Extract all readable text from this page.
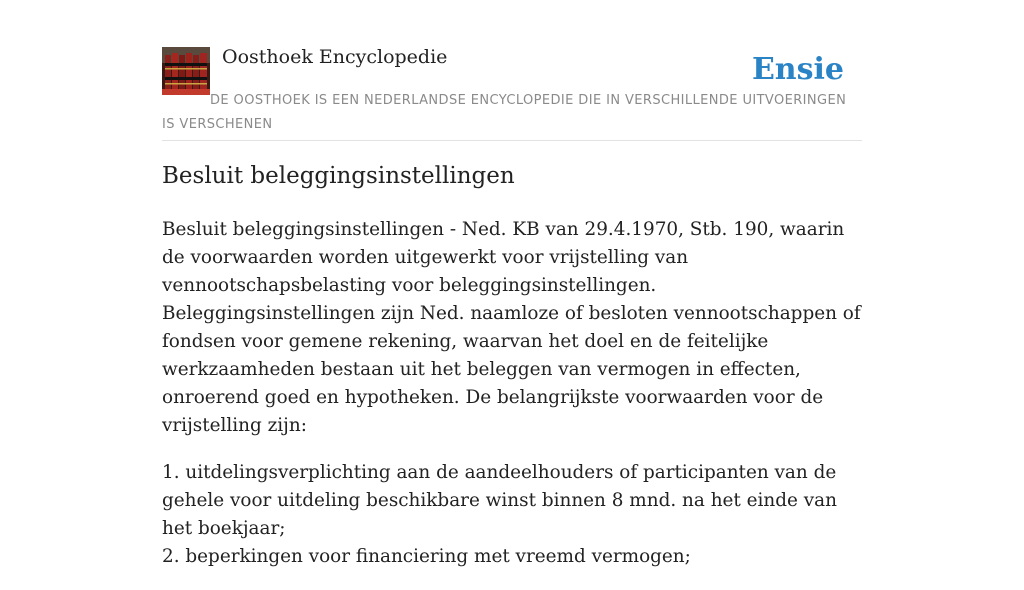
Oosthoek Encyclopedie	Ensie
DE OOSTHOEK IS EEN NEDERLANDSE ENCYCLOPEDIE DIE IN VERSCHILLENDE UITVOERINGEN IS VERSCHENEN
Besluit beleggingsinstellingen

Besluit beleggingsinstellingen - Ned. KB van 29.4.1970, Stb. 190, waarin de voorwaarden worden uitgewerkt voor vrijstelling van vennootschapsbelasting voor beleggingsinstellingen. Beleggingsinstellingen zijn Ned. naamloze of besloten vennootschappen of fondsen voor gemene rekening, waarvan het doel en de feitelijke werkzaamheden bestaan uit het beleggen van vermogen in effecten, onroerend goed en hypotheken. De belangrijkste voorwaarden voor de vrijstelling zijn:

1. uitdelingsverplichting aan de aandeelhouders of participanten van de gehele voor uitdeling beschikbare winst binnen 8 mnd. na het einde van het boekjaar;
2. beperkingen voor financiering met vreemd vermogen;
